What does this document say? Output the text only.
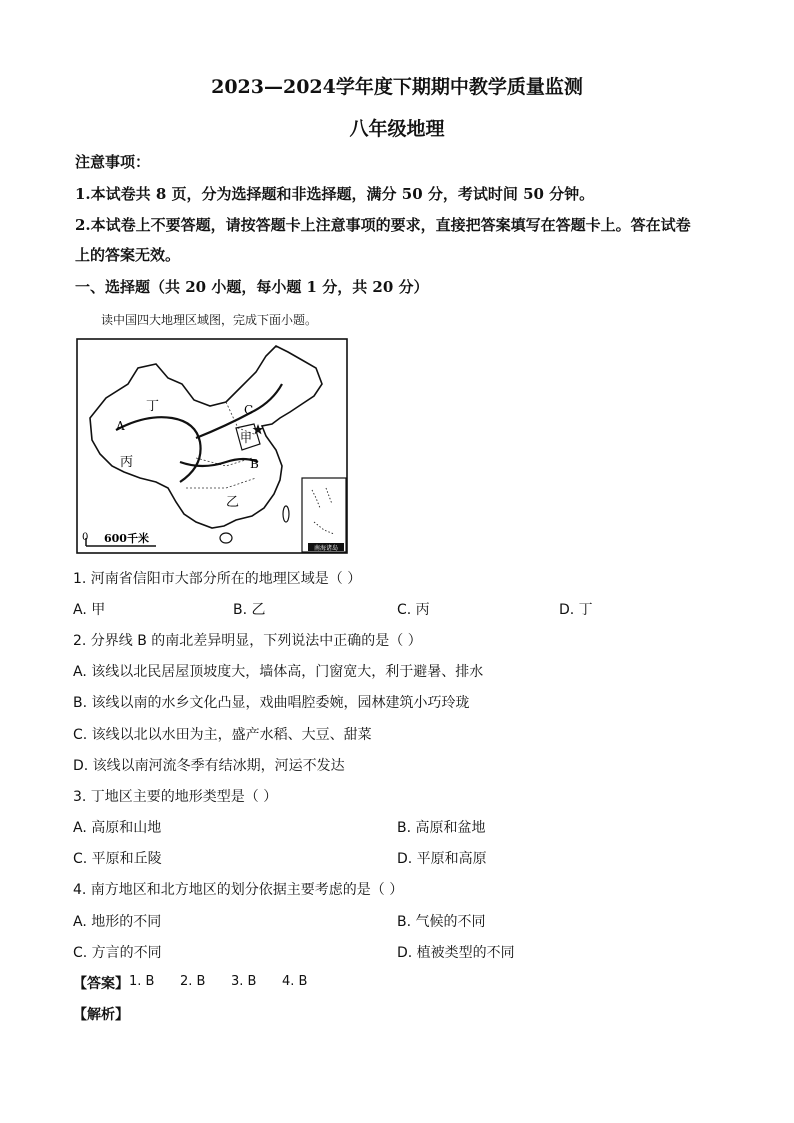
2023—2024学年度下期期中教学质量监测
八年级地理
注意事项：
1.本试卷共 8 页，分为选择题和非选择题，满分 50 分，考试时间 50 分钟。
2.本试卷上不要答题，请按答题卡上注意事项的要求，直接把答案填写在答题卡上。答在试卷
上的答案无效。
一、选择题（共 20 小题，每小题 1 分，共 20 分）
读中国四大地理区域图，完成下面小题。
南海诸岛
丁
A
C
甲
丙	B
乙
0 600千米
1. 河南省信阳市大部分所在的地理区域是（ ）
A. 甲	B. 乙	C. 丙	D. 丁
2. 分界线 B 的南北差异明显，下列说法中正确的是（ ）
A. 该线以北民居屋顶坡度大，墙体高，门窗宽大，利于避暑、排水
B. 该线以南的水乡文化凸显，戏曲唱腔委婉，园林建筑小巧玲珑
C. 该线以北以水田为主，盛产水稻、大豆、甜菜
D. 该线以南河流冬季有结冰期，河运不发达
3. 丁地区主要的地形类型是（ ）
A. 高原和山地	B. 高原和盆地
C. 平原和丘陵	D. 平原和高原
4. 南方地区和北方地区的划分依据主要考虑的是（ ）
A. 地形的不同	B. 气候的不同
C. 方言的不同	D. 植被类型的不同
【答案】 1. B 2. B 3. B 4. B
【解析】
